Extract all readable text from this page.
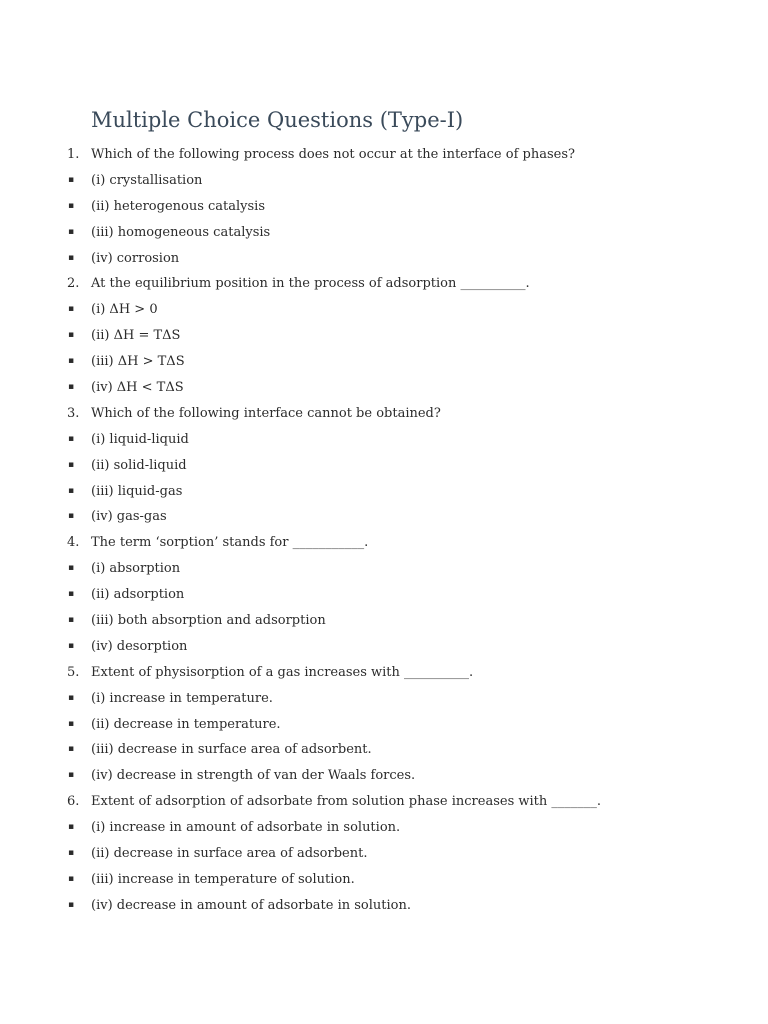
Multiple Choice Questions (Type-I)
1. Which of the following process does not occur at the interface of phases?
▪	(i) crystallisation
▪	(ii) heterogenous catalysis
▪	(iii) homogeneous catalysis
▪	(iv) corrosion
2. At the equilibrium position in the process of adsorption __________.
▪	(i) ΔH > 0
▪	(ii) ΔH = TΔS
▪	(iii) ΔH > TΔS
▪	(iv) ΔH < TΔS
3. Which of the following interface cannot be obtained?
▪	(i) liquid-liquid
▪	(ii) solid-liquid
▪	(iii) liquid-gas
▪	(iv) gas-gas
4. The term ‘sorption’ stands for ___________.
▪	(i) absorption
▪	(ii) adsorption
▪	(iii) both absorption and adsorption
▪	(iv) desorption
5. Extent of physisorption of a gas increases with __________.
▪	(i) increase in temperature.
▪	(ii) decrease in temperature.
▪	(iii) decrease in surface area of adsorbent.
▪	(iv) decrease in strength of van der Waals forces.
6. Extent of adsorption of adsorbate from solution phase increases with _______.
▪	(i) increase in amount of adsorbate in solution.
▪	(ii) decrease in surface area of adsorbent.
▪	(iii) increase in temperature of solution.
▪	(iv) decrease in amount of adsorbate in solution.
